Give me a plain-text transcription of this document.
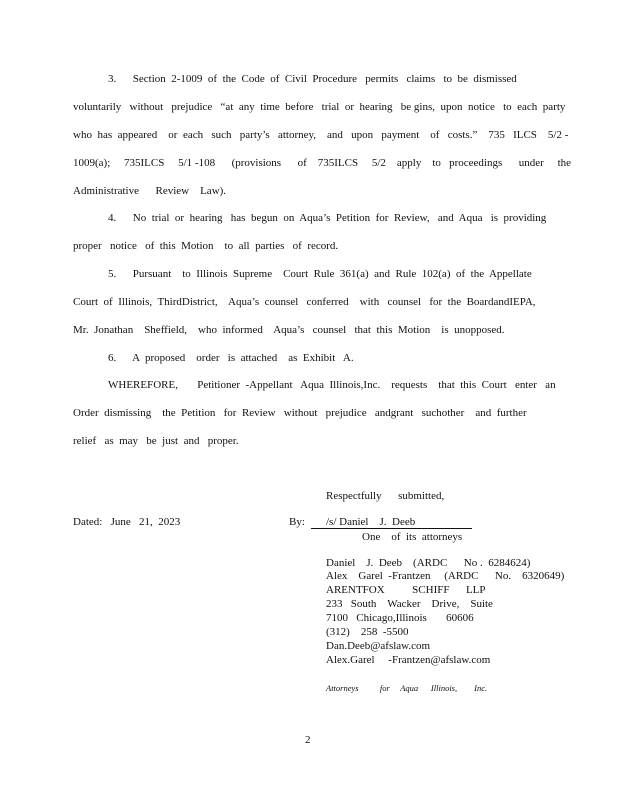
3.      Section  2-1009  of  the  Code  of  Civil  Procedure   permits   claims   to  be  dismissed
voluntarily   without   prejudice   “at  any  time  before   trial  or  hearing   be gins,  upon  notice   to  each  party
who  has  appeared    or  each   such   party’s   attorney,    and   upon   payment    of   costs.”    735   ILCS    5/2 -
1009(a);     735ILCS     5/1 -108      (provisions      of    735ILCS     5/2    apply    to   proceedings      under     the
Administrative      Review    Law).
4.      No  trial  or  hearing   has  begun  on  Aqua’s  Petition  for  Review,   and  Aqua   is  providing
proper   notice   of  this  Motion    to  all  parties   of  record.
5.      Pursuant    to  Illinois  Supreme    Court  Rule  361(a)  and  Rule  102(a)  of  the  Appellate
Court  of  Illinois,  ThirdDistrict,    Aqua’s  counsel   conferred    with   counsel   for  the  BoardandIEPA,
Mr.  Jonathan    Sheffield,    who  informed    Aqua’s   counsel   that  this  Motion    is  unopposed.
6.      A  proposed    order   is  attached    as  Exhibit   A.
WHEREFORE,       Petitioner  -Appellant   Aqua  Illinois,Inc.    requests    that  this  Court   enter   an
Order  dismissing    the  Petition   for  Review   without   prejudice   andgrant   suchother    and  further
relief   as  may   be  just  and   proper.
Respectfully      submitted,
Dated:   June   21,  2023	By: /s/ Daniel    J.  Deeb
One    of  its  attorneys
Daniel    J.  Deeb    (ARDC      No .  6284624)
Alex    Garel  -Frantzen     (ARDC      No.    6320649)
ARENTFOX          SCHIFF      LLP
233   South    Wacker    Drive,    Suite
7100   Chicago,Illinois       60606
(312)    258  -5500
Dan.Deeb@afslaw.com
Alex.Garel     -Frantzen@afslaw.com
Attorneys          for     Aqua      Illinois,        Inc.
2
